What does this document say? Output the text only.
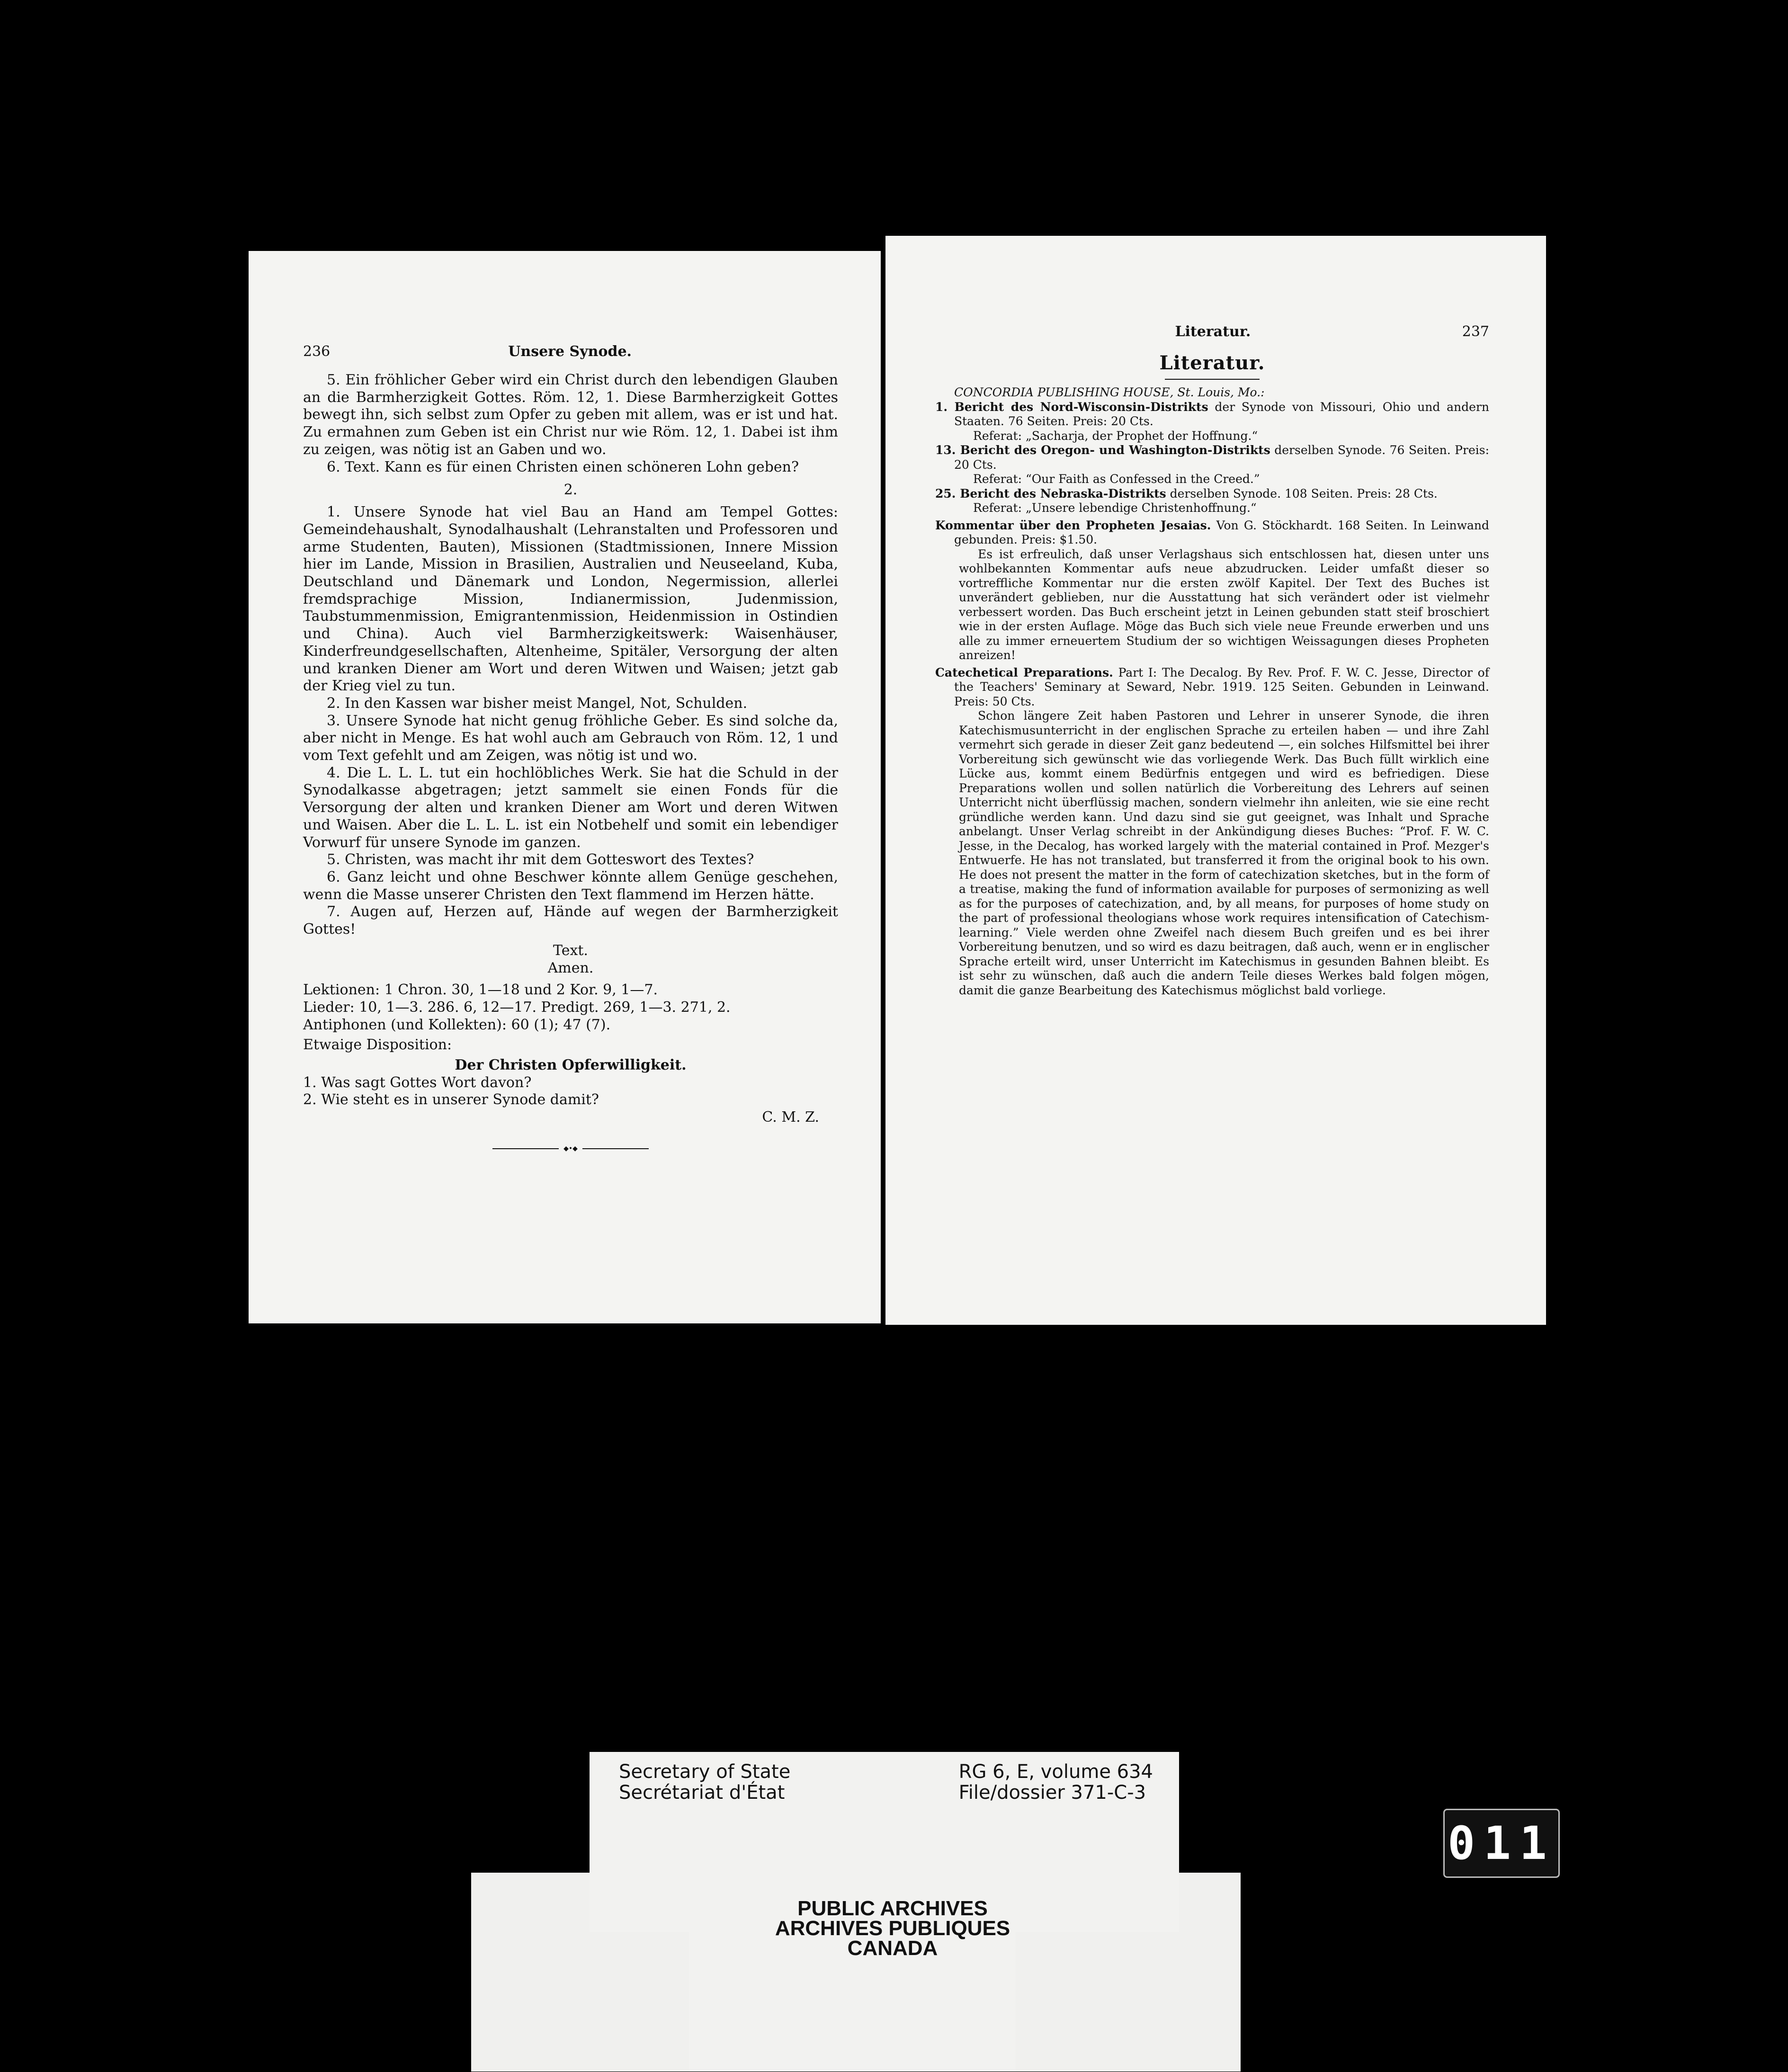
236	Unsere Synode.

5. Ein fröhlicher Geber wird ein Christ durch den lebendigen Glauben an die Barmherzigkeit Gottes. Röm. 12, 1. Diese Barmherzigkeit Gottes bewegt ihn, sich selbst zum Opfer zu geben mit allem, was er ist und hat. Zu ermahnen zum Geben ist ein Christ nur wie Röm. 12, 1. Dabei ist ihm zu zeigen, was nötig ist an Gaben und wo.

6. Text. Kann es für einen Christen einen schöneren Lohn geben?

2.

1. Unsere Synode hat viel Bau an Hand am Tempel Gottes: Gemeindehaushalt, Synodalhaushalt (Lehranstalten und Professoren und arme Studenten, Bauten), Missionen (Stadtmissionen, Innere Mission hier im Lande, Mission in Brasilien, Australien und Neuseeland, Kuba, Deutschland und Dänemark und London, Negermission, allerlei fremdsprachige Mission, Indianermission, Judenmission, Taubstummenmission, Emigrantenmission, Heidenmission in Ostindien und China). Auch viel Barmherzigkeitswerk: Waisenhäuser, Kinderfreundgesellschaften, Altenheime, Spitäler, Versorgung der alten und kranken Diener am Wort und deren Witwen und Waisen; jetzt gab der Krieg viel zu tun.

2. In den Kassen war bisher meist Mangel, Not, Schulden.

3. Unsere Synode hat nicht genug fröhliche Geber. Es sind solche da, aber nicht in Menge. Es hat wohl auch am Gebrauch von Röm. 12, 1 und vom Text gefehlt und am Zeigen, was nötig ist und wo.

4. Die L. L. L. tut ein hochlöbliches Werk. Sie hat die Schuld in der Synodalkasse abgetragen; jetzt sammelt sie einen Fonds für die Versorgung der alten und kranken Diener am Wort und deren Witwen und Waisen. Aber die L. L. L. ist ein Notbehelf und somit ein lebendiger Vorwurf für unsere Synode im ganzen.

5. Christen, was macht ihr mit dem Gotteswort des Textes?

6. Ganz leicht und ohne Beschwer könnte allem Genüge geschehen, wenn die Masse unserer Christen den Text flammend im Herzen hätte.

7. Augen auf, Herzen auf, Hände auf wegen der Barmherzigkeit Gottes!

Text.

Amen.

Lektionen: 1 Chron. 30, 1—18 und 2 Kor. 9, 1—7.

Lieder: 10, 1—3. 286. 6, 12—17. Predigt. 269, 1—3. 271, 2.

Antiphonen (und Kollekten): 60 (1); 47 (7).

Etwaige Disposition:

Der Christen Opferwilligkeit.

1. Was sagt Gottes Wort davon?

2. Wie steht es in unserer Synode damit?

C. M. Z.

◆•◆
Literatur.	237
Literatur.

CONCORDIA PUBLISHING HOUSE, St. Louis, Mo.:

1. Bericht des Nord-Wisconsin-Distrikts der Synode von Missouri, Ohio und andern Staaten. 76 Seiten. Preis: 20 Cts.

Referat: „Sacharja, der Prophet der Hoffnung.“

13. Bericht des Oregon- und Washington-Distrikts derselben Synode. 76 Seiten. Preis: 20 Cts.

Referat: “Our Faith as Confessed in the Creed.”

25. Bericht des Nebraska-Distrikts derselben Synode. 108 Seiten. Preis: 28 Cts.

Referat: „Unsere lebendige Christenhoffnung.“

Kommentar über den Propheten Jesaias. Von G. Stöckhardt. 168 Seiten. In Leinwand gebunden. Preis: $1.50.

Es ist erfreulich, daß unser Verlagshaus sich entschlossen hat, diesen unter uns wohlbekannten Kommentar aufs neue abzudrucken. Leider umfaßt dieser so vortreffliche Kommentar nur die ersten zwölf Kapitel. Der Text des Buches ist unverändert geblieben, nur die Ausstattung hat sich verändert oder ist vielmehr verbessert worden. Das Buch erscheint jetzt in Leinen gebunden statt steif broschiert wie in der ersten Auflage. Möge das Buch sich viele neue Freunde erwerben und uns alle zu immer erneuertem Studium der so wichtigen Weissagungen dieses Propheten anreizen!

Catechetical Preparations. Part I: The Decalog. By Rev. Prof. F. W. C. Jesse, Director of the Teachers' Seminary at Seward, Nebr. 1919. 125 Seiten. Gebunden in Leinwand. Preis: 50 Cts.

Schon längere Zeit haben Pastoren und Lehrer in unserer Synode, die ihren Katechismusunterricht in der englischen Sprache zu erteilen haben — und ihre Zahl vermehrt sich gerade in dieser Zeit ganz bedeutend —, ein solches Hilfsmittel bei ihrer Vorbereitung sich gewünscht wie das vorliegende Werk. Das Buch füllt wirklich eine Lücke aus, kommt einem Bedürfnis entgegen und wird es befriedigen. Diese Preparations wollen und sollen natürlich die Vorbereitung des Lehrers auf seinen Unterricht nicht überflüssig machen, sondern vielmehr ihn anleiten, wie sie eine recht gründliche werden kann. Und dazu sind sie gut geeignet, was Inhalt und Sprache anbelangt. Unser Verlag schreibt in der Ankündigung dieses Buches: “Prof. F. W. C. Jesse, in the Decalog, has worked largely with the material contained in Prof. Mezger's Entwuerfe. He has not translated, but transferred it from the original book to his own. He does not present the matter in the form of catechization sketches, but in the form of a treatise, making the fund of information available for purposes of sermonizing as well as for the purposes of catechization, and, by all means, for purposes of home study on the part of professional theologians whose work requires intensification of Catechism-learning.” Viele werden ohne Zweifel nach diesem Buch greifen und es bei ihrer Vorbereitung benutzen, und so wird es dazu beitragen, daß auch, wenn er in englischer Sprache erteilt wird, unser Unterricht im Katechismus in gesunden Bahnen bleibt. Es ist sehr zu wünschen, daß auch die andern Teile dieses Werkes bald folgen mögen, damit die ganze Bearbeitung des Katechismus möglichst bald vorliege.

Secretary of State
Secrétariat d'État
RG 6, E, volume 634
File/dossier 371-C-3
PUBLIC ARCHIVES
ARCHIVES PUBLIQUES
CANADA
011
